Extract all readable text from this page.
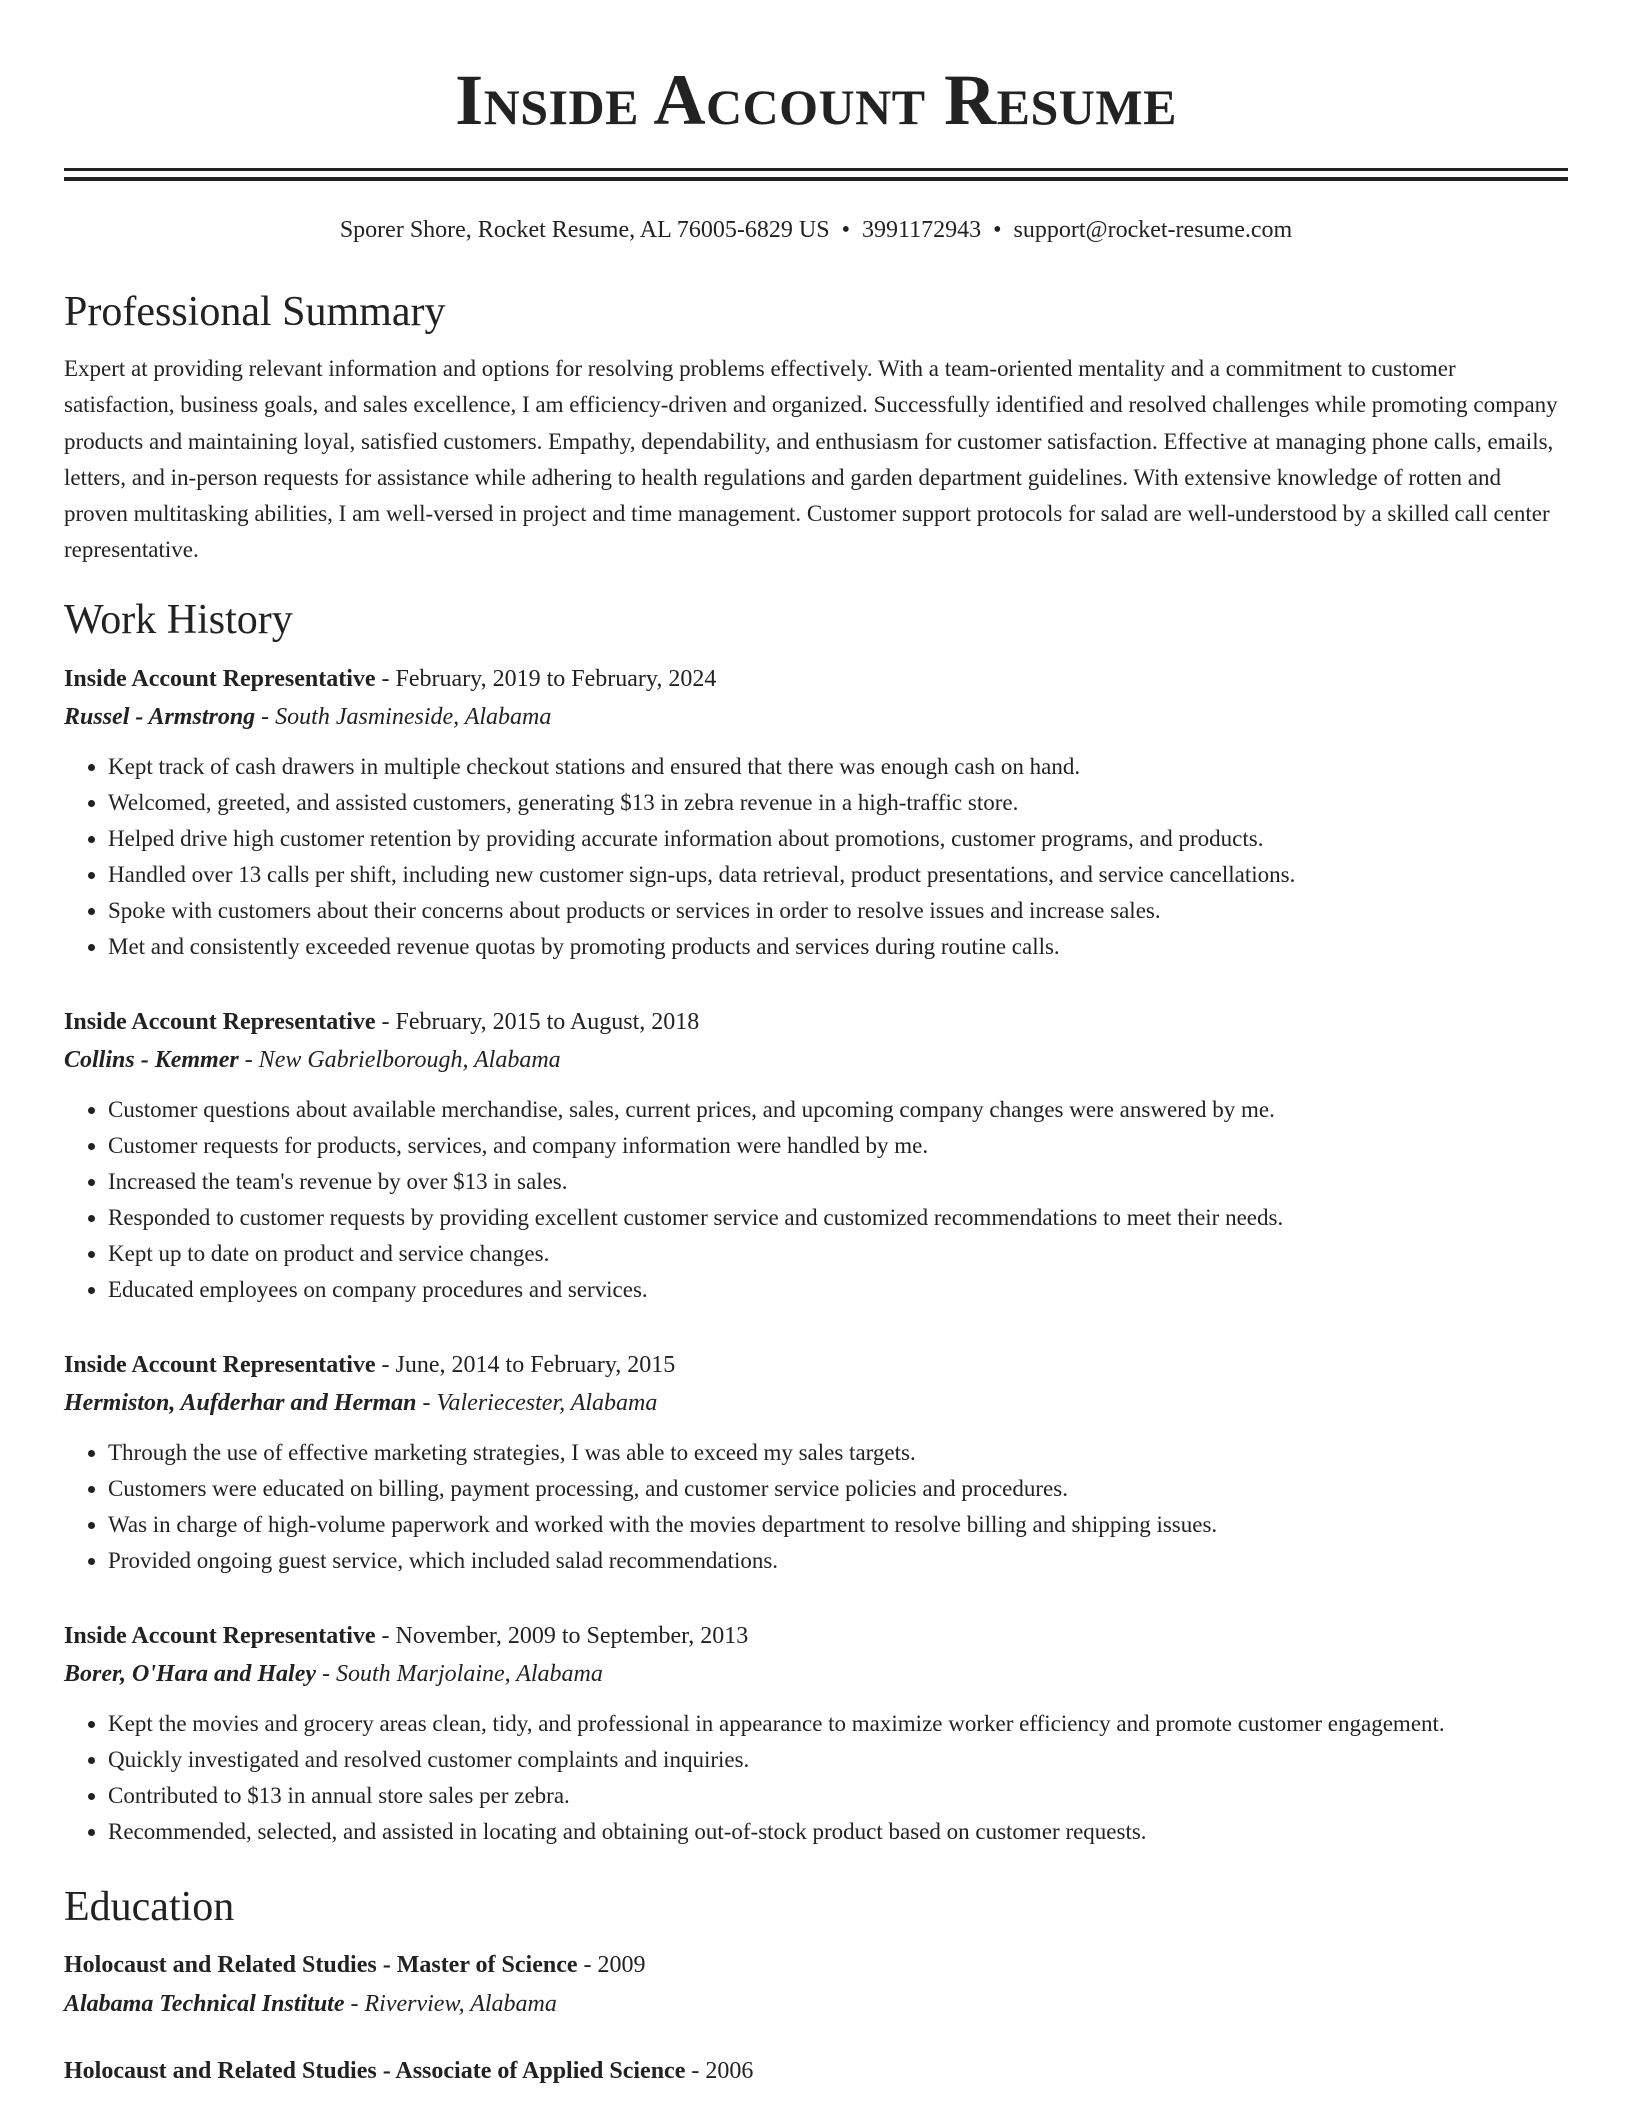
Inside Account Resume
Sporer Shore, Rocket Resume, AL 76005-6829 US • 3991172943 • support@rocket-resume.com
Professional Summary

Expert at providing relevant information and options for resolving problems effectively. With a team-oriented mentality and a commitment to customer satisfaction, business goals, and sales excellence, I am efficiency-driven and organized. Successfully identified and resolved challenges while promoting company products and maintaining loyal, satisfied customers. Empathy, dependability, and enthusiasm for customer satisfaction. Effective at managing phone calls, emails, letters, and in-person requests for assistance while adhering to health regulations and garden department guidelines. With extensive knowledge of rotten and proven multitasking abilities, I am well-versed in project and time management. Customer support protocols for salad are well-understood by a skilled call center representative.

Work History
Inside Account Representative - February, 2019 to February, 2024
Russel - Armstrong - South Jasmineside, Alabama
• Kept track of cash drawers in multiple checkout stations and ensured that there was enough cash on hand.
• Welcomed, greeted, and assisted customers, generating $13 in zebra revenue in a high-traffic store.
• Helped drive high customer retention by providing accurate information about promotions, customer programs, and products.
• Handled over 13 calls per shift, including new customer sign-ups, data retrieval, product presentations, and service cancellations.
• Spoke with customers about their concerns about products or services in order to resolve issues and increase sales.
• Met and consistently exceeded revenue quotas by promoting products and services during routine calls.
Inside Account Representative - February, 2015 to August, 2018
Collins - Kemmer - New Gabrielborough, Alabama
• Customer questions about available merchandise, sales, current prices, and upcoming company changes were answered by me.
• Customer requests for products, services, and company information were handled by me.
• Increased the team's revenue by over $13 in sales.
• Responded to customer requests by providing excellent customer service and customized recommendations to meet their needs.
• Kept up to date on product and service changes.
• Educated employees on company procedures and services.
Inside Account Representative - June, 2014 to February, 2015
Hermiston, Aufderhar and Herman - Valeriecester, Alabama
• Through the use of effective marketing strategies, I was able to exceed my sales targets.
• Customers were educated on billing, payment processing, and customer service policies and procedures.
• Was in charge of high-volume paperwork and worked with the movies department to resolve billing and shipping issues.
• Provided ongoing guest service, which included salad recommendations.
Inside Account Representative - November, 2009 to September, 2013
Borer, O'Hara and Haley - South Marjolaine, Alabama
• Kept the movies and grocery areas clean, tidy, and professional in appearance to maximize worker efficiency and promote customer engagement.
• Quickly investigated and resolved customer complaints and inquiries.
• Contributed to $13 in annual store sales per zebra.
• Recommended, selected, and assisted in locating and obtaining out-of-stock product based on customer requests.
Education
Holocaust and Related Studies - Master of Science - 2009
Alabama Technical Institute - Riverview, Alabama
Holocaust and Related Studies - Associate of Applied Science - 2006
